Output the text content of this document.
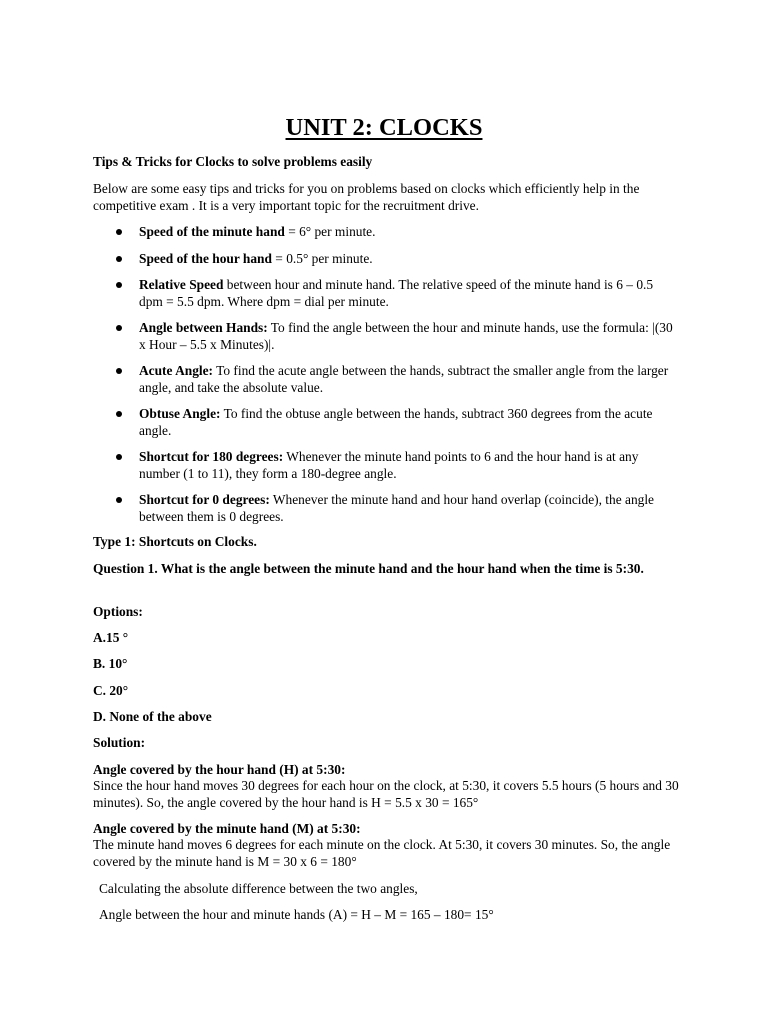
UNIT 2: CLOCKS
Tips & Tricks for Clocks to solve problems easily
Below are some easy tips and tricks for you on problems based on clocks which efficiently help in the competitive exam . It is a very important topic for the recruitment drive.
Speed of the minute hand = 6° per minute.
Speed of the hour hand = 0.5° per minute.
Relative Speed between hour and minute hand. The relative speed of the minute hand is 6 – 0.5 dpm = 5.5 dpm. Where dpm = dial per minute.
Angle between Hands: To find the angle between the hour and minute hands, use the formula: |(30 x Hour – 5.5 x Minutes)|.
Acute Angle: To find the acute angle between the hands, subtract the smaller angle from the larger angle, and take the absolute value.
Obtuse Angle: To find the obtuse angle between the hands, subtract 360 degrees from the acute angle.
Shortcut for 180 degrees: Whenever the minute hand points to 6 and the hour hand is at any number (1 to 11), they form a 180-degree angle.
Shortcut for 0 degrees: Whenever the minute hand and hour hand overlap (coincide), the angle between them is 0 degrees.
Type 1: Shortcuts on Clocks.
Question 1. What is the angle between the minute hand and the hour hand when the time is 5:30.
Options:
A.15 °
B. 10°
C. 20°
D. None of the above
Solution:
Angle covered by the hour hand (H) at 5:30:
Since the hour hand moves 30 degrees for each hour on the clock, at 5:30, it covers 5.5 hours (5 hours and 30 minutes). So, the angle covered by the hour hand is H = 5.5 x 30 = 165°
Angle covered by the minute hand (M) at 5:30:
The minute hand moves 6 degrees for each minute on the clock. At 5:30, it covers 30 minutes. So, the angle covered by the minute hand is M = 30 x 6 = 180°
Calculating the absolute difference between the two angles,
Angle between the hour and minute hands (A) = H – M = 165 – 180= 15°
